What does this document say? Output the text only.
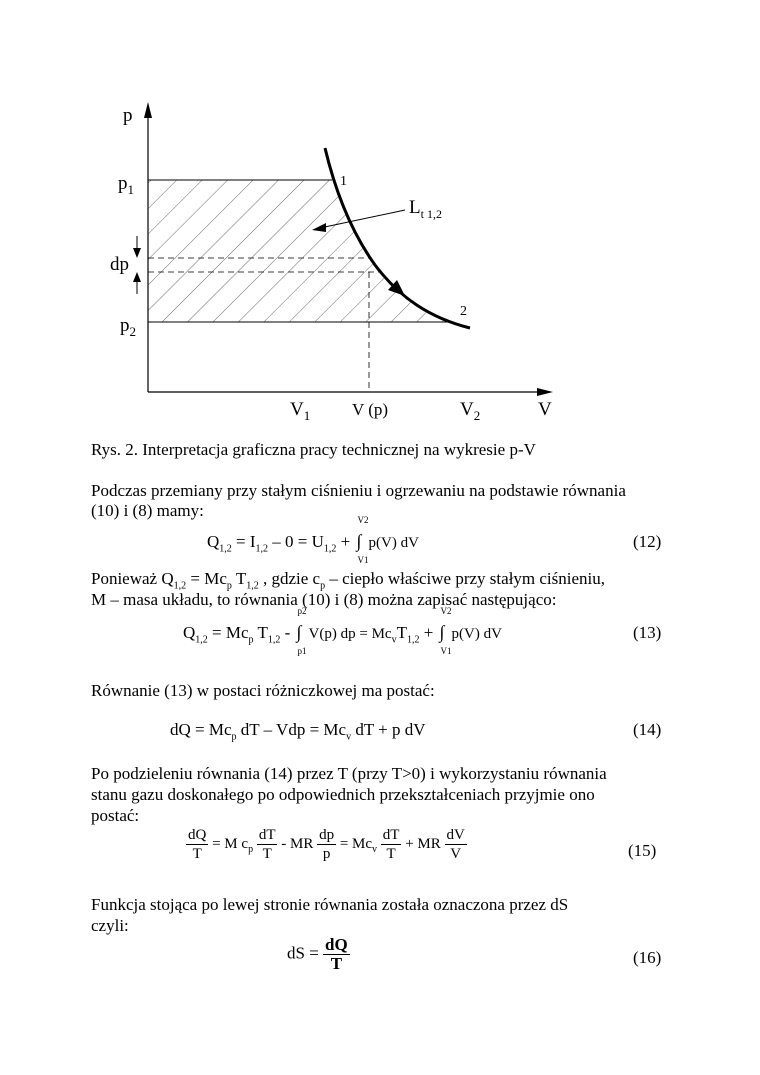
p
$p_1$
dp
$p_2$
1
2
$L_{t 1,2}$
$V_1$ V (p)	$V_2$	V
Rys. 2. Interpretacja graficzna pracy technicznej na wykresie p-V
Podczas przemiany przy stałym ciśnieniu i ogrzewaniu na podstawie równania
(10) i (8) mamy:
$Q_{1,2} = I_{1,2} - 0 = U_{1,2}$ + ∫
V2
V1
p(V) dV	(12)
Ponieważ $Q_{1,2} = Mc_p$ $T_{1,2}$ , gdzie $c_p$ – ciepło właściwe przy stałym ciśnieniu,
M – masa układu, to równania (10) i (8) można zapisać następująco:
$Q_{1,2} = Mc_p$ $T_{1,2}$ - ∫
p2
p1
V(p) dp = $Mc_vT_{1,2}$ + ∫
V2
V1
p(V) dV	(13)
Równanie (13) w postaci różniczkowej ma postać:
dQ = $Mc_p$ dT – Vdp = $Mc_v$ dT + p dV	(14)
Po podzieleniu równania (14) przez T (przy T>0) i wykorzystaniu równania
stanu gazu doskonałego po odpowiednich przekształceniach przyjmie ono
postać:
$\frac{dQ}{T} = M$ $c_p \frac{dT}{T}$ - MR $\frac{dp}{p} = Mc_v \frac{dT}{T}$ + MR $\frac{dV}{V}$	(15)
Funkcja stojąca po lewej stronie równania została oznaczona przez dS
czyli:
dS = $\frac{dQ}{T}$	(16)
